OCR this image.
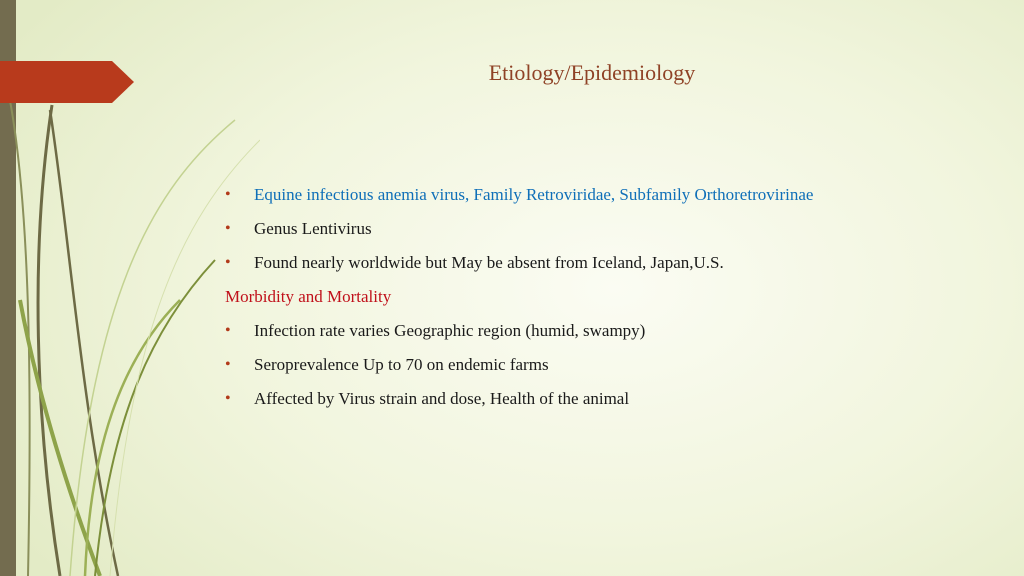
Etiology/Epidemiology
• Equine infectious anemia virus, Family Retroviridae, Subfamily Orthoretrovirinae
• Genus Lentivirus
• Found nearly worldwide but May be absent from Iceland, Japan,U.S.
Morbidity and Mortality
• Infection rate varies Geographic region (humid, swampy)
• Seroprevalence Up to 70 on endemic farms
• Affected by Virus strain and dose, Health of the animal
